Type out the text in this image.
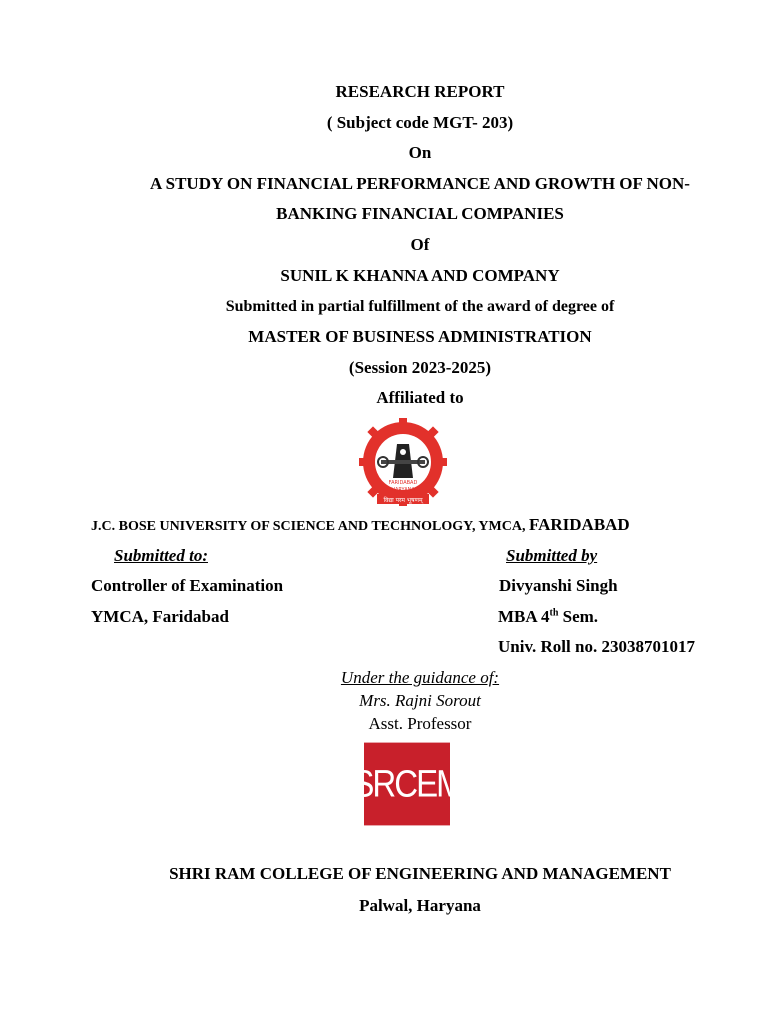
RESEARCH REPORT
( Subject code MGT- 203)
On
A STUDY ON FINANCIAL PERFORMANCE AND GROWTH OF NON-
BANKING FINANCIAL COMPANIES
Of
SUNIL K KHANNA AND COMPANY
Submitted in partial fulfillment of the award of degree of
MASTER OF BUSINESS ADMINISTRATION
(Session 2023-2025)
Affiliated to
विद्या परम भूषणम्
FARIDABAD
HARYANA
J.C. BOSE UNIVERSITY OF SCIENCE AND TECHNOLOGY, YMCA, FARIDABAD
Submitted to:
Controller of Examination
YMCA, Faridabad
Submitted by
Divyanshi Singh
MBA 4th Sem.
Univ. Roll no. 23038701017
Under the guidance of:
Mrs. Rajni Sorout
Asst. Professor
SRCEM
SHRI RAM COLLEGE OF ENGINEERING AND MANAGEMENT
Palwal, Haryana
